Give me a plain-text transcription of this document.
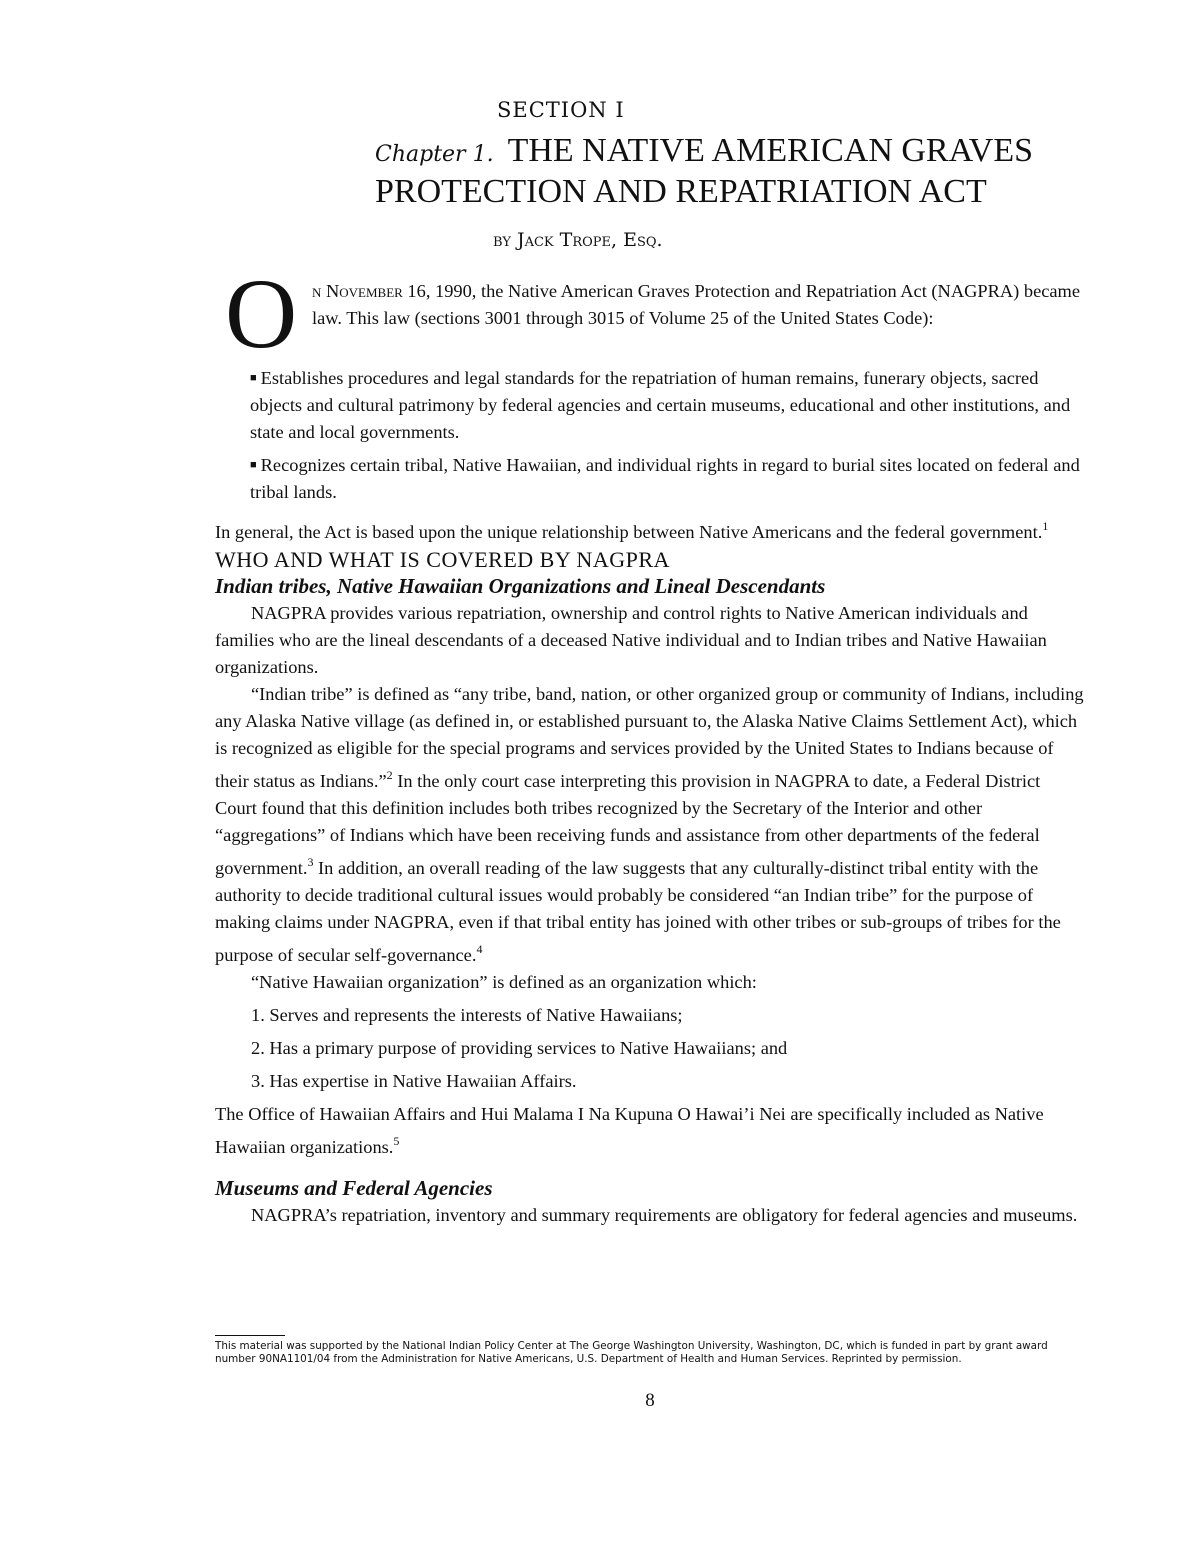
SECTION I
Chapter 1. THE NATIVE AMERICAN GRAVES
PROTECTION AND REPATRIATION ACT
by Jack Trope, Esq.
O n November 16, 1990, the Native American Graves Protection and Repatriation Act (NAGPRA) became law. This law (sections 3001 through 3015 of Volume 25 of the United States Code):
■ Establishes procedures and legal standards for the repatriation of human remains, funerary objects, sacred objects and cultural patrimony by federal agencies and certain museums, educational and other institutions, and state and local governments.
■ Recognizes certain tribal, Native Hawaiian, and individual rights in regard to burial sites located on federal and tribal lands.

In general, the Act is based upon the unique relationship between Native Americans and the federal government.$^1$

WHO AND WHAT IS COVERED BY NAGPRA

Indian tribes, Native Hawaiian Organizations and Lineal Descendants

NAGPRA provides various repatriation, ownership and control rights to Native American individuals and families who are the lineal descendants of a deceased Native individual and to Indian tribes and Native Hawaiian organizations.

“Indian tribe” is defined as “any tribe, band, nation, or other organized group or community of Indians, including any Alaska Native village (as defined in, or established pursuant to, the Alaska Native Claims Settlement Act), which is recognized as eligible for the special programs and services provided by the United States to Indians because of their status as Indians.”$^2$ In the only court case interpreting this provision in NAGPRA to date, a Federal District Court found that this definition includes both tribes recognized by the Secretary of the Interior and other “aggregations” of Indians which have been receiving funds and assistance from other departments of the federal government.$^3$ In addition, an overall reading of the law suggests that any culturally-distinct tribal entity with the authority to decide traditional cultural issues would probably be considered “an Indian tribe” for the purpose of making claims under NAGPRA, even if that tribal entity has joined with other tribes or sub-groups of tribes for the purpose of secular self-governance.$^4$

“Native Hawaiian organization” is defined as an organization which:

1. Serves and represents the interests of Native Hawaiians;

2. Has a primary purpose of providing services to Native Hawaiians; and

3. Has expertise in Native Hawaiian Affairs.

The Office of Hawaiian Affairs and Hui Malama I Na Kupuna O Hawai’i Nei are specifically included as Native Hawaiian organizations.$^5$

Museums and Federal Agencies

NAGPRA’s repatriation, inventory and summary requirements are obligatory for federal agencies and museums.

This material was supported by the National Indian Policy Center at The George Washington University, Washington, DC, which is funded in part by grant award number 90NA1101/04 from the Administration for Native Americans, U.S. Department of Health and Human Services. Reprinted by permission.
8
